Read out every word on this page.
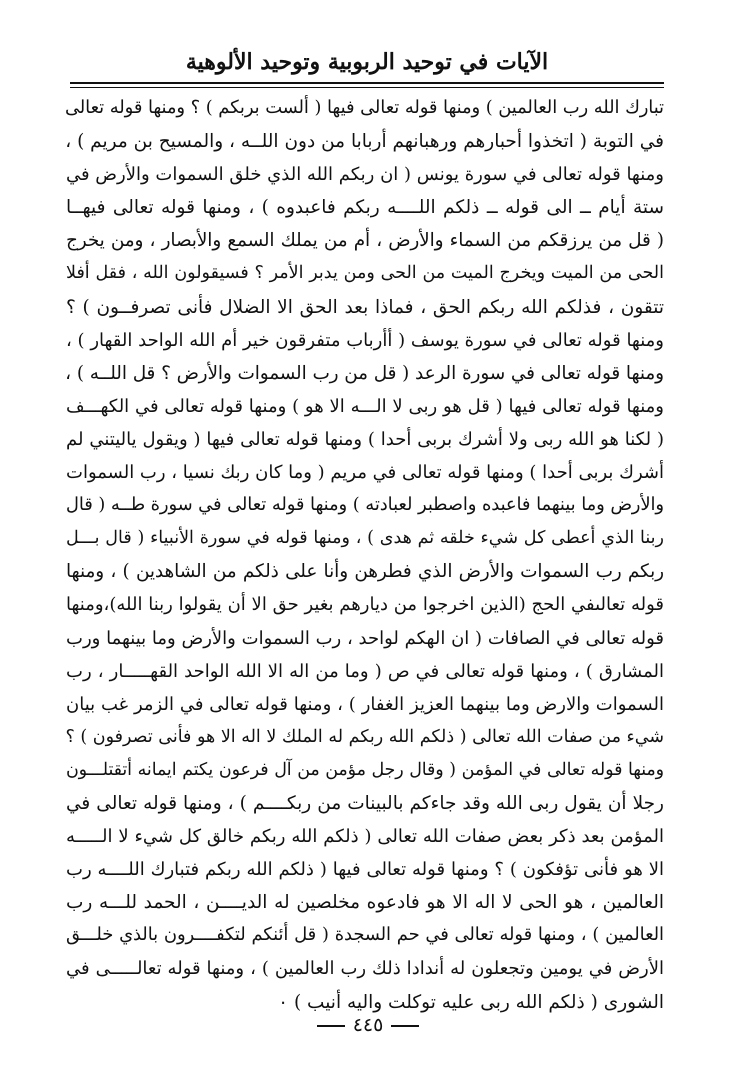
الآيات في توحيد الربوبية وتوحيد الألوهية
تبارك الله رب العالمين ) ومنها قوله تعالى فيها ( ألست بربكم ) ؟ ومنها قوله تعالى
في التوبة ( اتخذوا أحبارهم ورهبانهم أربابا من دون اللــه ، والمسيح بن مريم ) ،
ومنها قوله تعالى في سورة يونس ( ان ربكم الله الذي خلق السموات والأرض في
ستة أيام ــ الى قوله ــ ذلكم اللــــه ربكم فاعبدوه ) ، ومنها قوله تعالى فيهــا
( قل من يرزقكم من السماء والأرض ، أم من يملك السمع والأبصار ، ومن يخرج
الحى من الميت ويخرج الميت من الحى ومن يدبر الأمر ؟ فسيقولون الله ، فقل أفلا
تتقون ، فذلكم الله ربكم الحق ، فماذا بعد الحق الا الضلال فأنى تصرفــون ) ؟
ومنها قوله تعالى في سورة يوسف ( أأرباب متفرقون خير أم الله الواحد القهار ) ،
ومنها قوله تعالى في سورة الرعد ( قل من رب السموات والأرض ؟ قل اللــه ) ،
ومنها قوله تعالى فيها ( قل هو ربى لا الـــه الا هو ) ومنها قوله تعالى في الكهـــف
( لكنا هو الله ربى ولا أشرك بربى أحدا ) ومنها قوله تعالى فيها ( ويقول ياليتني لم
أشرك بربى أحدا ) ومنها قوله تعالى في مريم ( وما كان ربك نسيا ، رب السموات
والأرض وما بينهما فاعبده واصطبر لعبادته ) ومنها قوله تعالى في سورة طــه ( قال
ربنا الذي أعطى كل شيء خلقه ثم هدى ) ، ومنها قوله في سورة الأنبياء ( قال بـــل
ربكم رب السموات والأرض الذي فطرهن وأنا على ذلكم من الشاهدين ) ، ومنها
قوله تعالىفي الحج (الذين اخرجوا من ديارهم بغير حق الا أن يقولوا ربنا الله)،ومنها
قوله تعالى في الصافات ( ان الهكم لواحد ، رب السموات والأرض وما بينهما ورب
المشارق ) ، ومنها قوله تعالى في ص ( وما من اله الا الله الواحد القهـــــار ، رب
السموات والارض وما بينهما العزيز الغفار ) ، ومنها قوله تعالى في الزمر غب بيان
شيء من صفات الله تعالى ( ذلكم الله ربكم له الملك لا اله الا هو فأنى تصرفون ) ؟
ومنها قوله تعالى في المؤمن ( وقال رجل مؤمن من آل فرعون يكتم ايمانه أتقتلـــون
رجلا أن يقول ربى الله وقد جاءكم بالبينات من ربكــــم ) ، ومنها قوله تعالى في
المؤمن بعد ذكر بعض صفات الله تعالى ( ذلكم الله ربكم خالق كل شيء لا الـــــه
الا هو فأنى تؤفكون ) ؟ ومنها قوله تعالى فيها ( ذلكم الله ربكم فتبارك اللــــه رب
العالمين ، هو الحى لا اله الا هو فادعوه مخلصين له الديــــن ، الحمد للـــه رب
العالمين ) ، ومنها قوله تعالى في حم السجدة ( قل أئنكم لتكفــــرون بالذي خلـــق
الأرض في يومين وتجعلون له أندادا ذلك رب العالمين ) ، ومنها قوله تعالـــــى في
الشورى ( ذلكم الله ربى عليه توكلت واليه أنيب ) ٠
٤٤٥
